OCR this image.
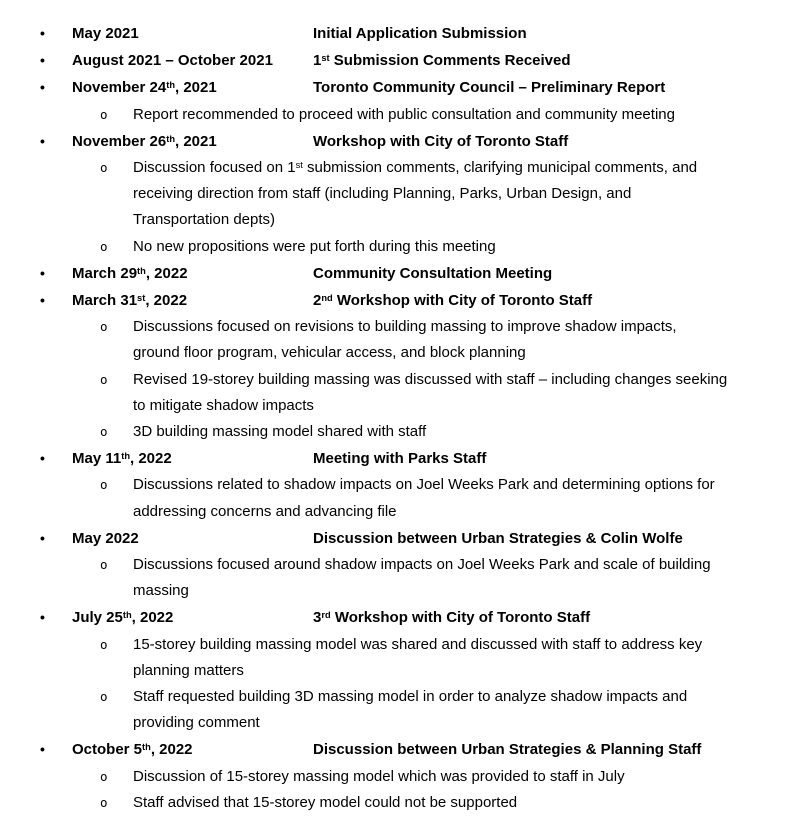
•	May 2021	Initial Application Submission
•	August 2021 – October 2021	1st Submission Comments Received
•	November 24th, 2021	Toronto Community Council – Preliminary Report
o	Report recommended to proceed with public consultation and community meeting
•	November 26th, 2021	Workshop with City of Toronto Staff
o	Discussion focused on 1st submission comments, clarifying municipal comments, and
receiving direction from staff (including Planning, Parks, Urban Design, and
Transportation depts)
o	No new propositions were put forth during this meeting
•	March 29th, 2022	Community Consultation Meeting
•	March 31st, 2022	2nd Workshop with City of Toronto Staff
o	Discussions focused on revisions to building massing to improve shadow impacts,
ground floor program, vehicular access, and block planning
o	Revised 19-storey building massing was discussed with staff – including changes seeking
to mitigate shadow impacts
o	3D building massing model shared with staff
•	May 11th, 2022	Meeting with Parks Staff
o	Discussions related to shadow impacts on Joel Weeks Park and determining options for
addressing concerns and advancing file
•	May 2022	Discussion between Urban Strategies & Colin Wolfe
o	Discussions focused around shadow impacts on Joel Weeks Park and scale of building
massing
•	July 25th, 2022	3rd Workshop with City of Toronto Staff
o	15-storey building massing model was shared and discussed with staff to address key
planning matters
o	Staff requested building 3D massing model in order to analyze shadow impacts and
providing comment
•	October 5th, 2022	Discussion between Urban Strategies & Planning Staff
o	Discussion of 15-storey massing model which was provided to staff in July
o	Staff advised that 15-storey model could not be supported
